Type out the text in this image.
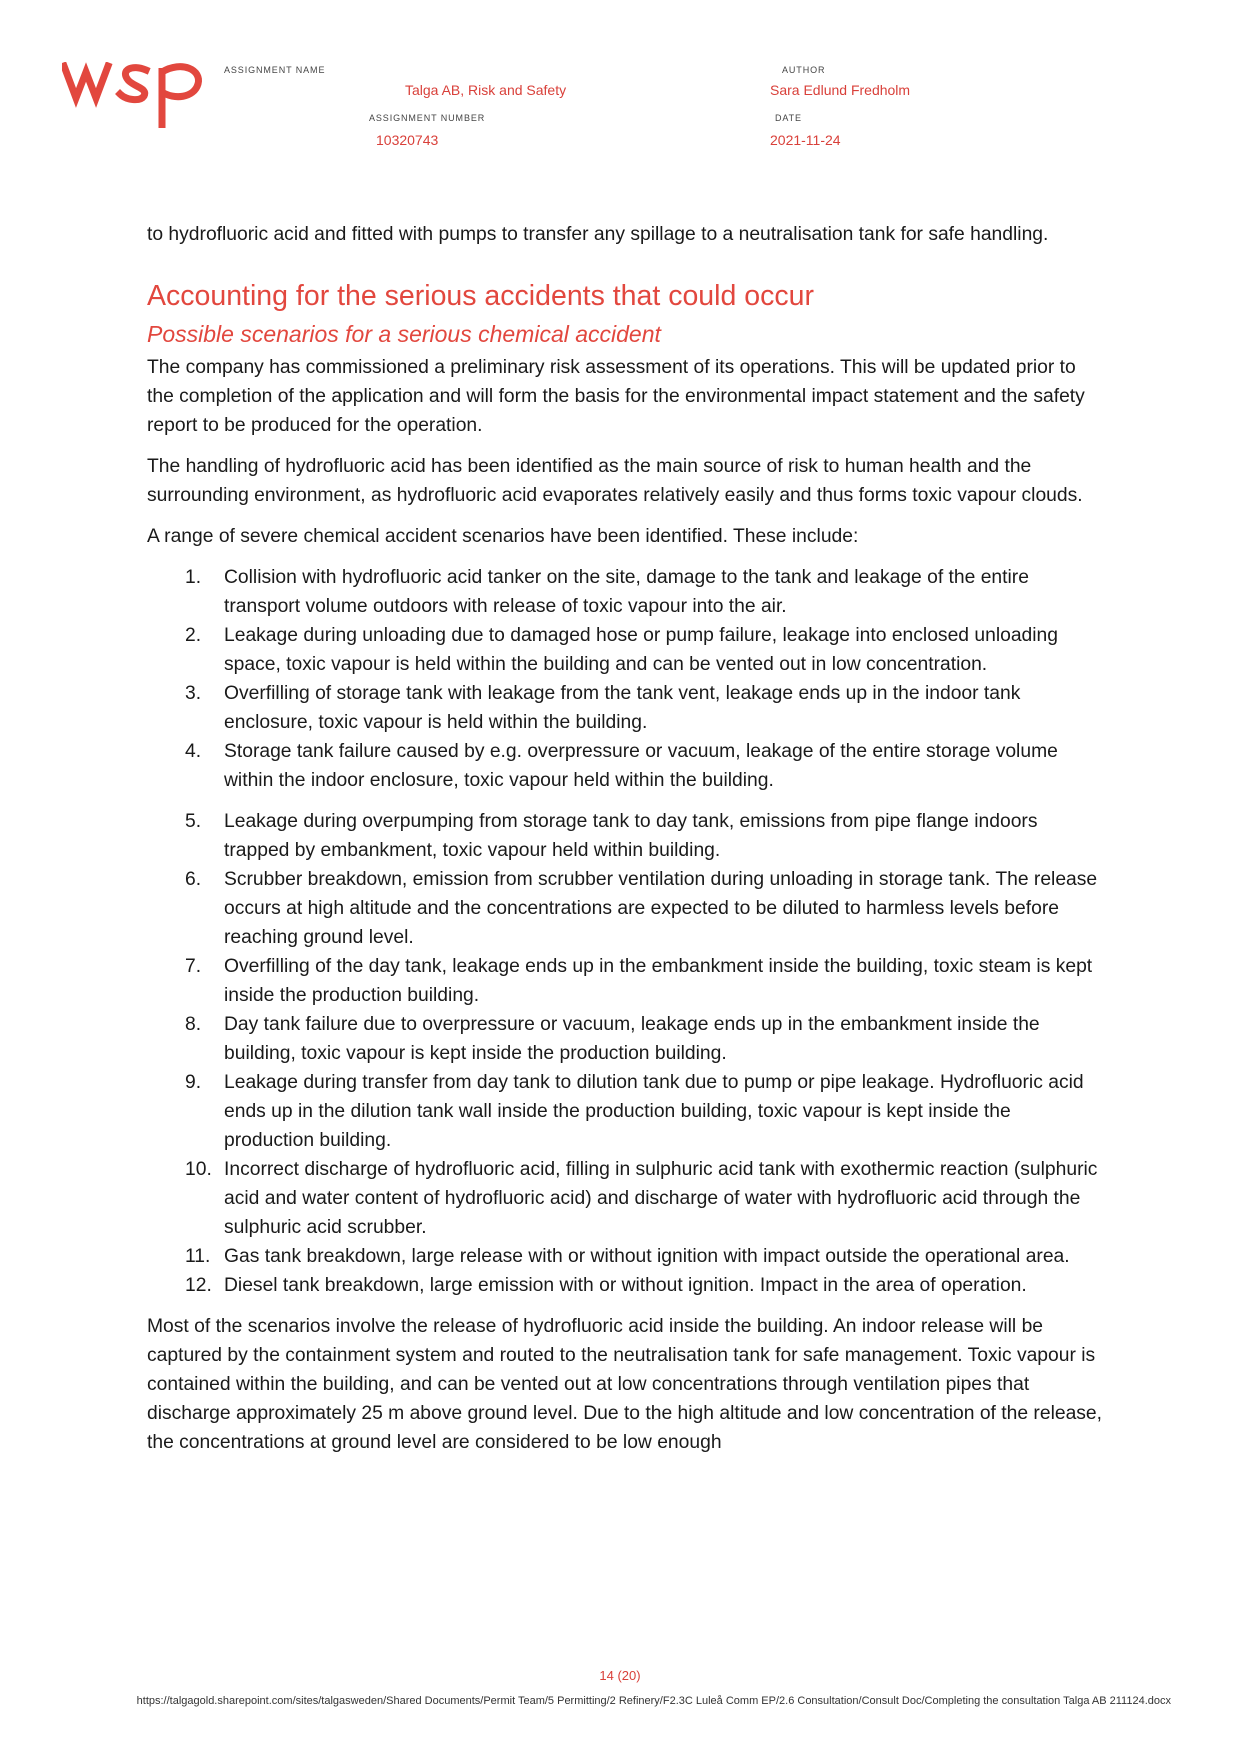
ASSIGNMENT NAME
Talga AB, Risk and Safety
ASSIGNMENT NUMBER
10320743
AUTHOR
Sara Edlund Fredholm
DATE
2021-11-24

to hydrofluoric acid and fitted with pumps to transfer any spillage to a neutralisation tank for safe handling.

Accounting for the serious accidents that could occur
Possible scenarios for a serious chemical accident

The company has commissioned a preliminary risk assessment of its operations. This will be updated prior to the completion of the application and will form the basis for the environmental impact statement and the safety report to be produced for the operation.

The handling of hydrofluoric acid has been identified as the main source of risk to human health and the surrounding environment, as hydrofluoric acid evaporates relatively easily and thus forms toxic vapour clouds.

A range of severe chemical accident scenarios have been identified. These include:

1. Collision with hydrofluoric acid tanker on the site, damage to the tank and leakage of the entire transport volume outdoors with release of toxic vapour into the air.
2. Leakage during unloading due to damaged hose or pump failure, leakage into enclosed unloading space, toxic vapour is held within the building and can be vented out in low concentration.
3. Overfilling of storage tank with leakage from the tank vent, leakage ends up in the indoor tank enclosure, toxic vapour is held within the building.
4. Storage tank failure caused by e.g. overpressure or vacuum, leakage of the entire storage volume within the indoor enclosure, toxic vapour held within the building.
5. Leakage during overpumping from storage tank to day tank, emissions from pipe flange indoors trapped by embankment, toxic vapour held within building.
6. Scrubber breakdown, emission from scrubber ventilation during unloading in storage tank. The release occurs at high altitude and the concentrations are expected to be diluted to harmless levels before reaching ground level.
7. Overfilling of the day tank, leakage ends up in the embankment inside the building, toxic steam is kept inside the production building.
8. Day tank failure due to overpressure or vacuum, leakage ends up in the embankment inside the building, toxic vapour is kept inside the production building.
9. Leakage during transfer from day tank to dilution tank due to pump or pipe leakage. Hydrofluoric acid ends up in the dilution tank wall inside the production building, toxic vapour is kept inside the production building.
10. Incorrect discharge of hydrofluoric acid, filling in sulphuric acid tank with exothermic reaction (sulphuric acid and water content of hydrofluoric acid) and discharge of water with hydrofluoric acid through the sulphuric acid scrubber.
11. Gas tank breakdown, large release with or without ignition with impact outside the operational area.
12. Diesel tank breakdown, large emission with or without ignition. Impact in the area of operation.

Most of the scenarios involve the release of hydrofluoric acid inside the building. An indoor release will be captured by the containment system and routed to the neutralisation tank for safe management. Toxic vapour is contained within the building, and can be vented out at low concentrations through ventilation pipes that discharge approximately 25 m above ground level. Due to the high altitude and low concentration of the release, the concentrations at ground level are considered to be low enough

14 (20)
https://talgagold.sharepoint.com/sites/talgasweden/Shared Documents/Permit Team/5 Permitting/2 Refinery/F2.3C Luleå Comm EP/2.6 Consultation/Consult Doc/Completing the consultation Talga AB 211124.docx
